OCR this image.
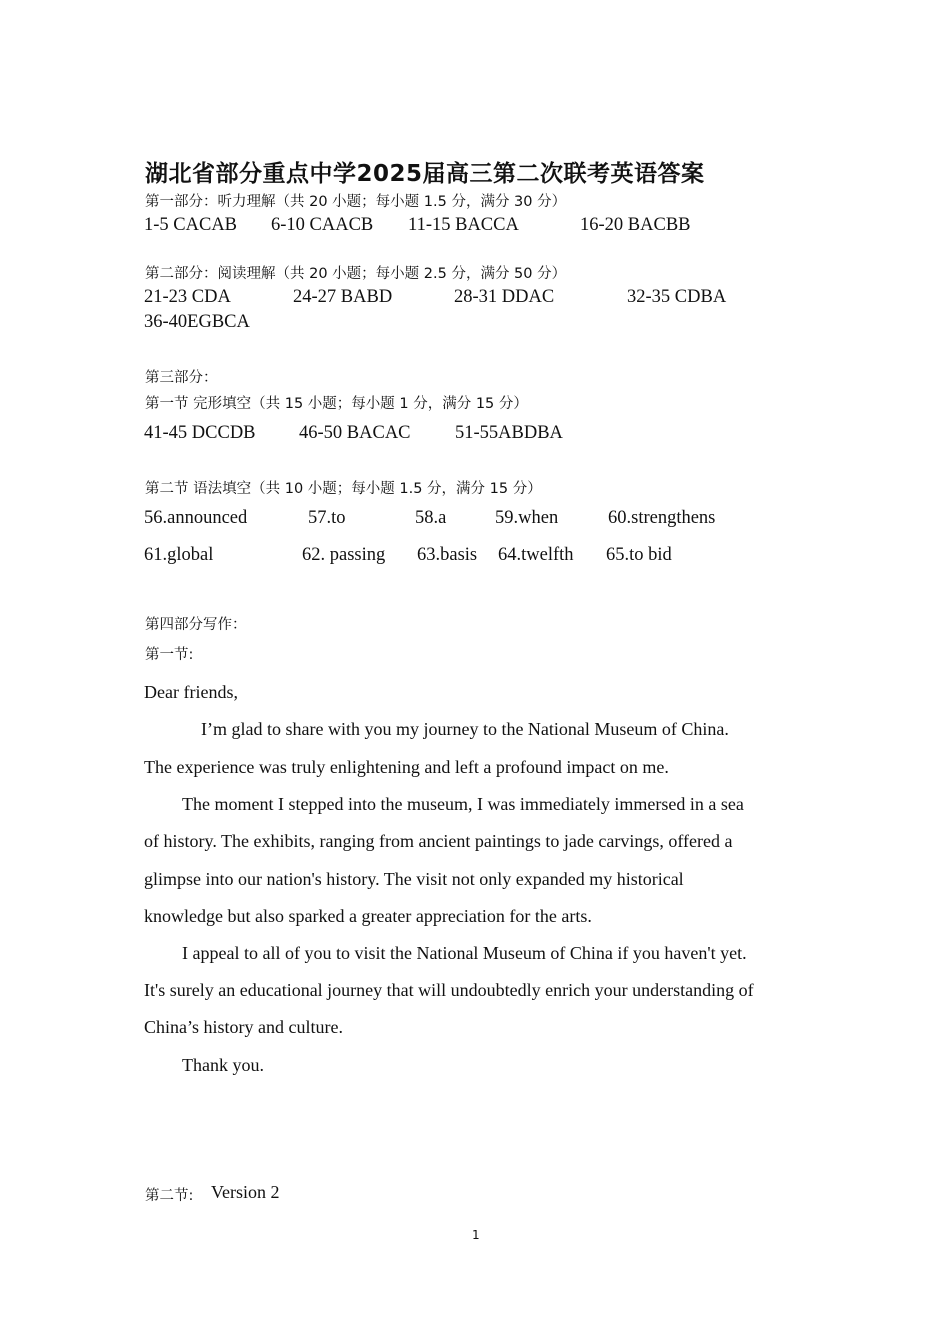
湖北省部分重点中学2025届高三第二次联考英语答案
第一部分：听力理解（共 20 小题；每小题 1.5 分，满分 30 分）
1-5 CACAB 6-10 CAACB 11-15 BACCA	16-20 BACBB
第二部分：阅读理解（共 20 小题；每小题 2.5 分，满分 50 分）
21-23 CDA	24-27 BABD	28-31 DDAC	32-35 CDBA
36-40EGBCA
第三部分：
第一节 完形填空（共 15 小题；每小题 1 分，满分 15 分）
41-45 DCCDB 46-50 BACAC 51-55ABDBA
第二节 语法填空（共 10 小题；每小题 1.5 分，满分 15 分）
56.announced	57.to	58.a	59.when	60.strengthens
61.global	62. passing 63.basis 64.twelfth 65.to bid
第四部分写作：
第一节:
Dear friends,
I’m glad to share with you my journey to the National Museum of China.
The experience was truly enlightening and left a profound impact on me.
The moment I stepped into the museum, I was immediately immersed in a sea
of history. The exhibits, ranging from ancient paintings to jade carvings, offered a
glimpse into our nation's history. The visit not only expanded my historical
knowledge but also sparked a greater appreciation for the arts.
I appeal to all of you to visit the National Museum of China if you haven't yet.
It's surely an educational journey that will undoubtedly enrich your understanding of
China’s history and culture.
Thank you.
第二节: Version 2
1
